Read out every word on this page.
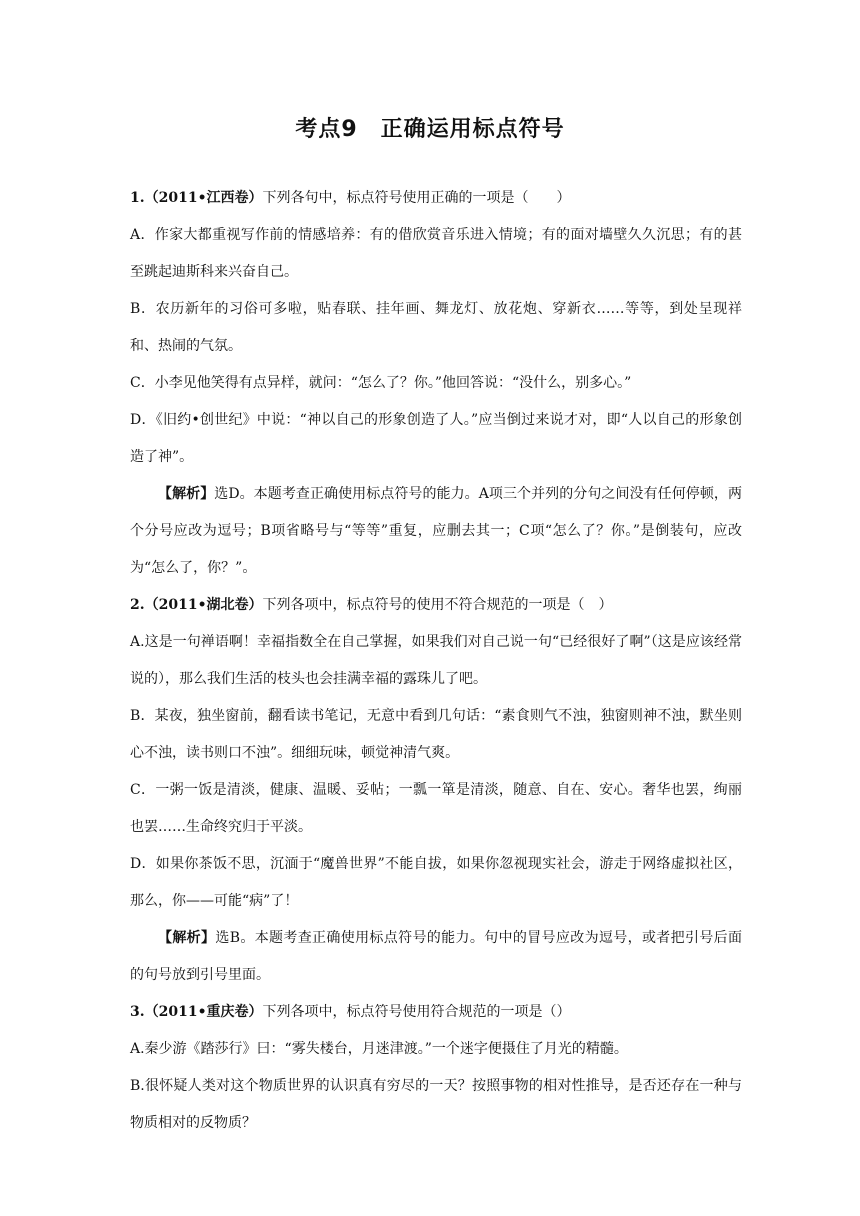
考点9　正确运用标点符号

1.（2011•江西卷）下列各句中，标点符号使用正确的一项是（　　）

A．作家大都重视写作前的情感培养：有的借欣赏音乐进入情境；有的面对墙壁久久沉思；有的甚至跳起迪斯科来兴奋自己。

B．农历新年的习俗可多啦，贴春联、挂年画、舞龙灯、放花炮、穿新衣……等等，到处呈现祥和、热闹的气氛。

C．小李见他笑得有点异样，就问：“怎么了？你。”他回答说：“没什么，别多心。”

D．《旧约•创世纪》中说：“神以自己的形象创造了人。”应当倒过来说才对，即“人以自己的形象创造了神”。

【解析】选D。本题考查正确使用标点符号的能力。A项三个并列的分句之间没有任何停顿，两个分号应改为逗号；B项省略号与“等等”重复，应删去其一；C项“怎么了？你。”是倒装句，应改为“怎么了，你？”。

2.（2011•湖北卷）下列各项中，标点符号的使用不符合规范的一项是（　）

A.这是一句禅语啊！幸福指数全在自己掌握，如果我们对自己说一句“已经很好了啊”（这是应该经常说的），那么我们生活的枝头也会挂满幸福的露珠儿了吧。

B．某夜，独坐窗前，翻看读书笔记，无意中看到几句话：“素食则气不浊，独窗则神不浊，默坐则心不浊，读书则口不浊”。细细玩味，顿觉神清气爽。

C．一粥一饭是清淡，健康、温暖、妥帖；一瓢一箪是清淡，随意、自在、安心。奢华也罢，绚丽也罢……生命终究归于平淡。

D．如果你茶饭不思，沉湎于“魔兽世界”不能自拔，如果你忽视现实社会，游走于网络虚拟社区，那么，你——可能“病”了！

【解析】选B。本题考查正确使用标点符号的能力。句中的冒号应改为逗号，或者把引号后面的句号放到引号里面。

3.（2011•重庆卷）下列各项中，标点符号使用符合规范的一项是（）

A.秦少游《踏莎行》曰：“雾失楼台，月迷津渡。”一个迷字便摄住了月光的精髓。

B.很怀疑人类对这个物质世界的认识真有穷尽的一天？按照事物的相对性推导，是否还存在一种与物质相对的反物质？
